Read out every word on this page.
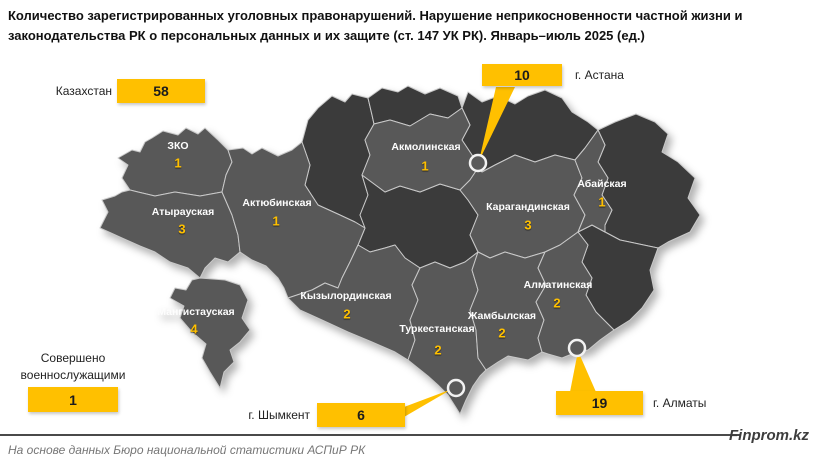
Количество зарегистрированных уголовных правонарушений. Нарушение неприкосновенности частной жизни и законодательства РК о персональных данных и их защите (ст. 147 УК РК). Январь–июль 2025 (ед.)
ЗКО
1
Атырауская
3
Актюбинская
1
Мангистауская
4
Акмолинская
1
Карагандинская
3
Абайская
1
Кызылординская
2
Туркестанская
2
Жамбылская
2
Алматинская
2
Казахстан	58
10	г. Астана
19	г. Алматы
г. Шымкент	6
Совершено военнослужащими
1
Finprom.kz
На основе данных Бюро национальной статистики АСПиР РК
